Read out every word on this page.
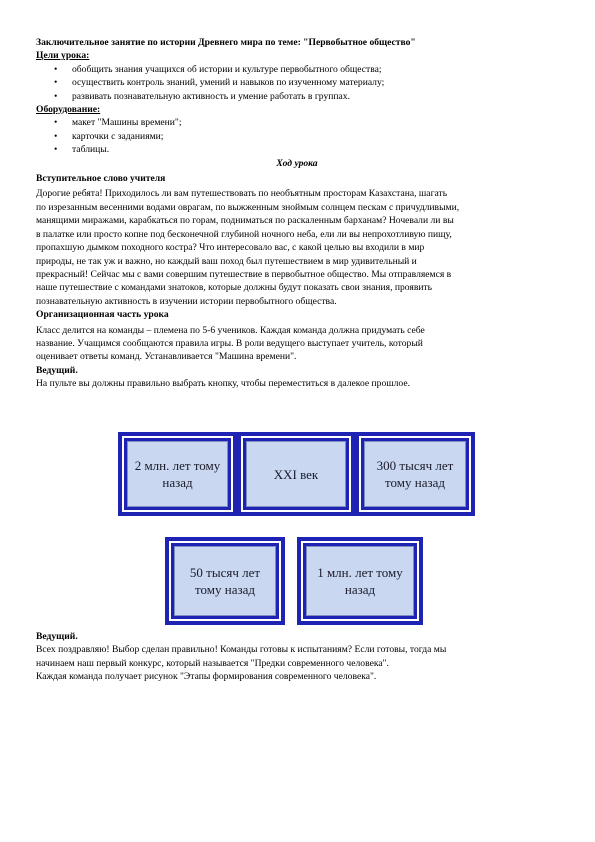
Заключительное занятие по истории Древнего мира по теме: "Первобытное общество"
Цели урока:
• обобщить знания учащихся об истории и культуре первобытного общества;
• осуществить контроль знаний, умений и навыков по изученному материалу;
• развивать познавательную активность и умение работать в группах.
Оборудование:
• макет "Машины времени";
• карточки с заданиями;
• таблицы.
Ход урока
Вступительное слово учителя

Дорогие ребята! Приходилось ли вам путешествовать по необъятным просторам Казахстана, шагать

по изрезанным весенними водами оврагам, по выжженным зноймым солнцем пескам с причудливыми,

манящими миражами, карабкаться по горам, подниматься по раскаленным барханам? Ночевали ли вы

в палатке или просто копне под бесконечной глубиной ночного неба, ели ли вы непрохотливую пищу,

пропахшую дымком походного костра? Что интересовало вас, с какой целью вы входили в мир

природы, не так уж и важно, но каждый ваш поход был путешествием в мир удивительный и

прекрасный! Сейчас мы с вами совершим путешествие в первобытное общество. Мы отправляемся в

наше путешествие с командами знатоков, которые должны будут показать свои знания, проявить

познавательную активность в изучении истории первобытного общества.

Организационная часть урока

Класс делится на команды – племена по 5-6 учеников. Каждая команда должна придумать себе

название. Учащимся сообщаются правила игры. В роли ведущего выступает учитель, который

оценивает ответы команд. Устанавливается "Машина времени".

Ведущий.
На пульте вы должны правильно выбрать кнопку, чтобы переместиться в далекое прошлое.
2 млн. лет тому назад
XXI век
300 тысяч лет тому назад
50 тысяч лет тому назад
1 млн. лет тому назад
Ведущий.

Всех поздравляю! Выбор сделан правильно! Команды готовы к испытаниям? Если готовы, тогда мы

начинаем наш первый конкурс, который называется "Предки современного человека".

Каждая команда получает рисунок "Этапы формирования современного человека".
